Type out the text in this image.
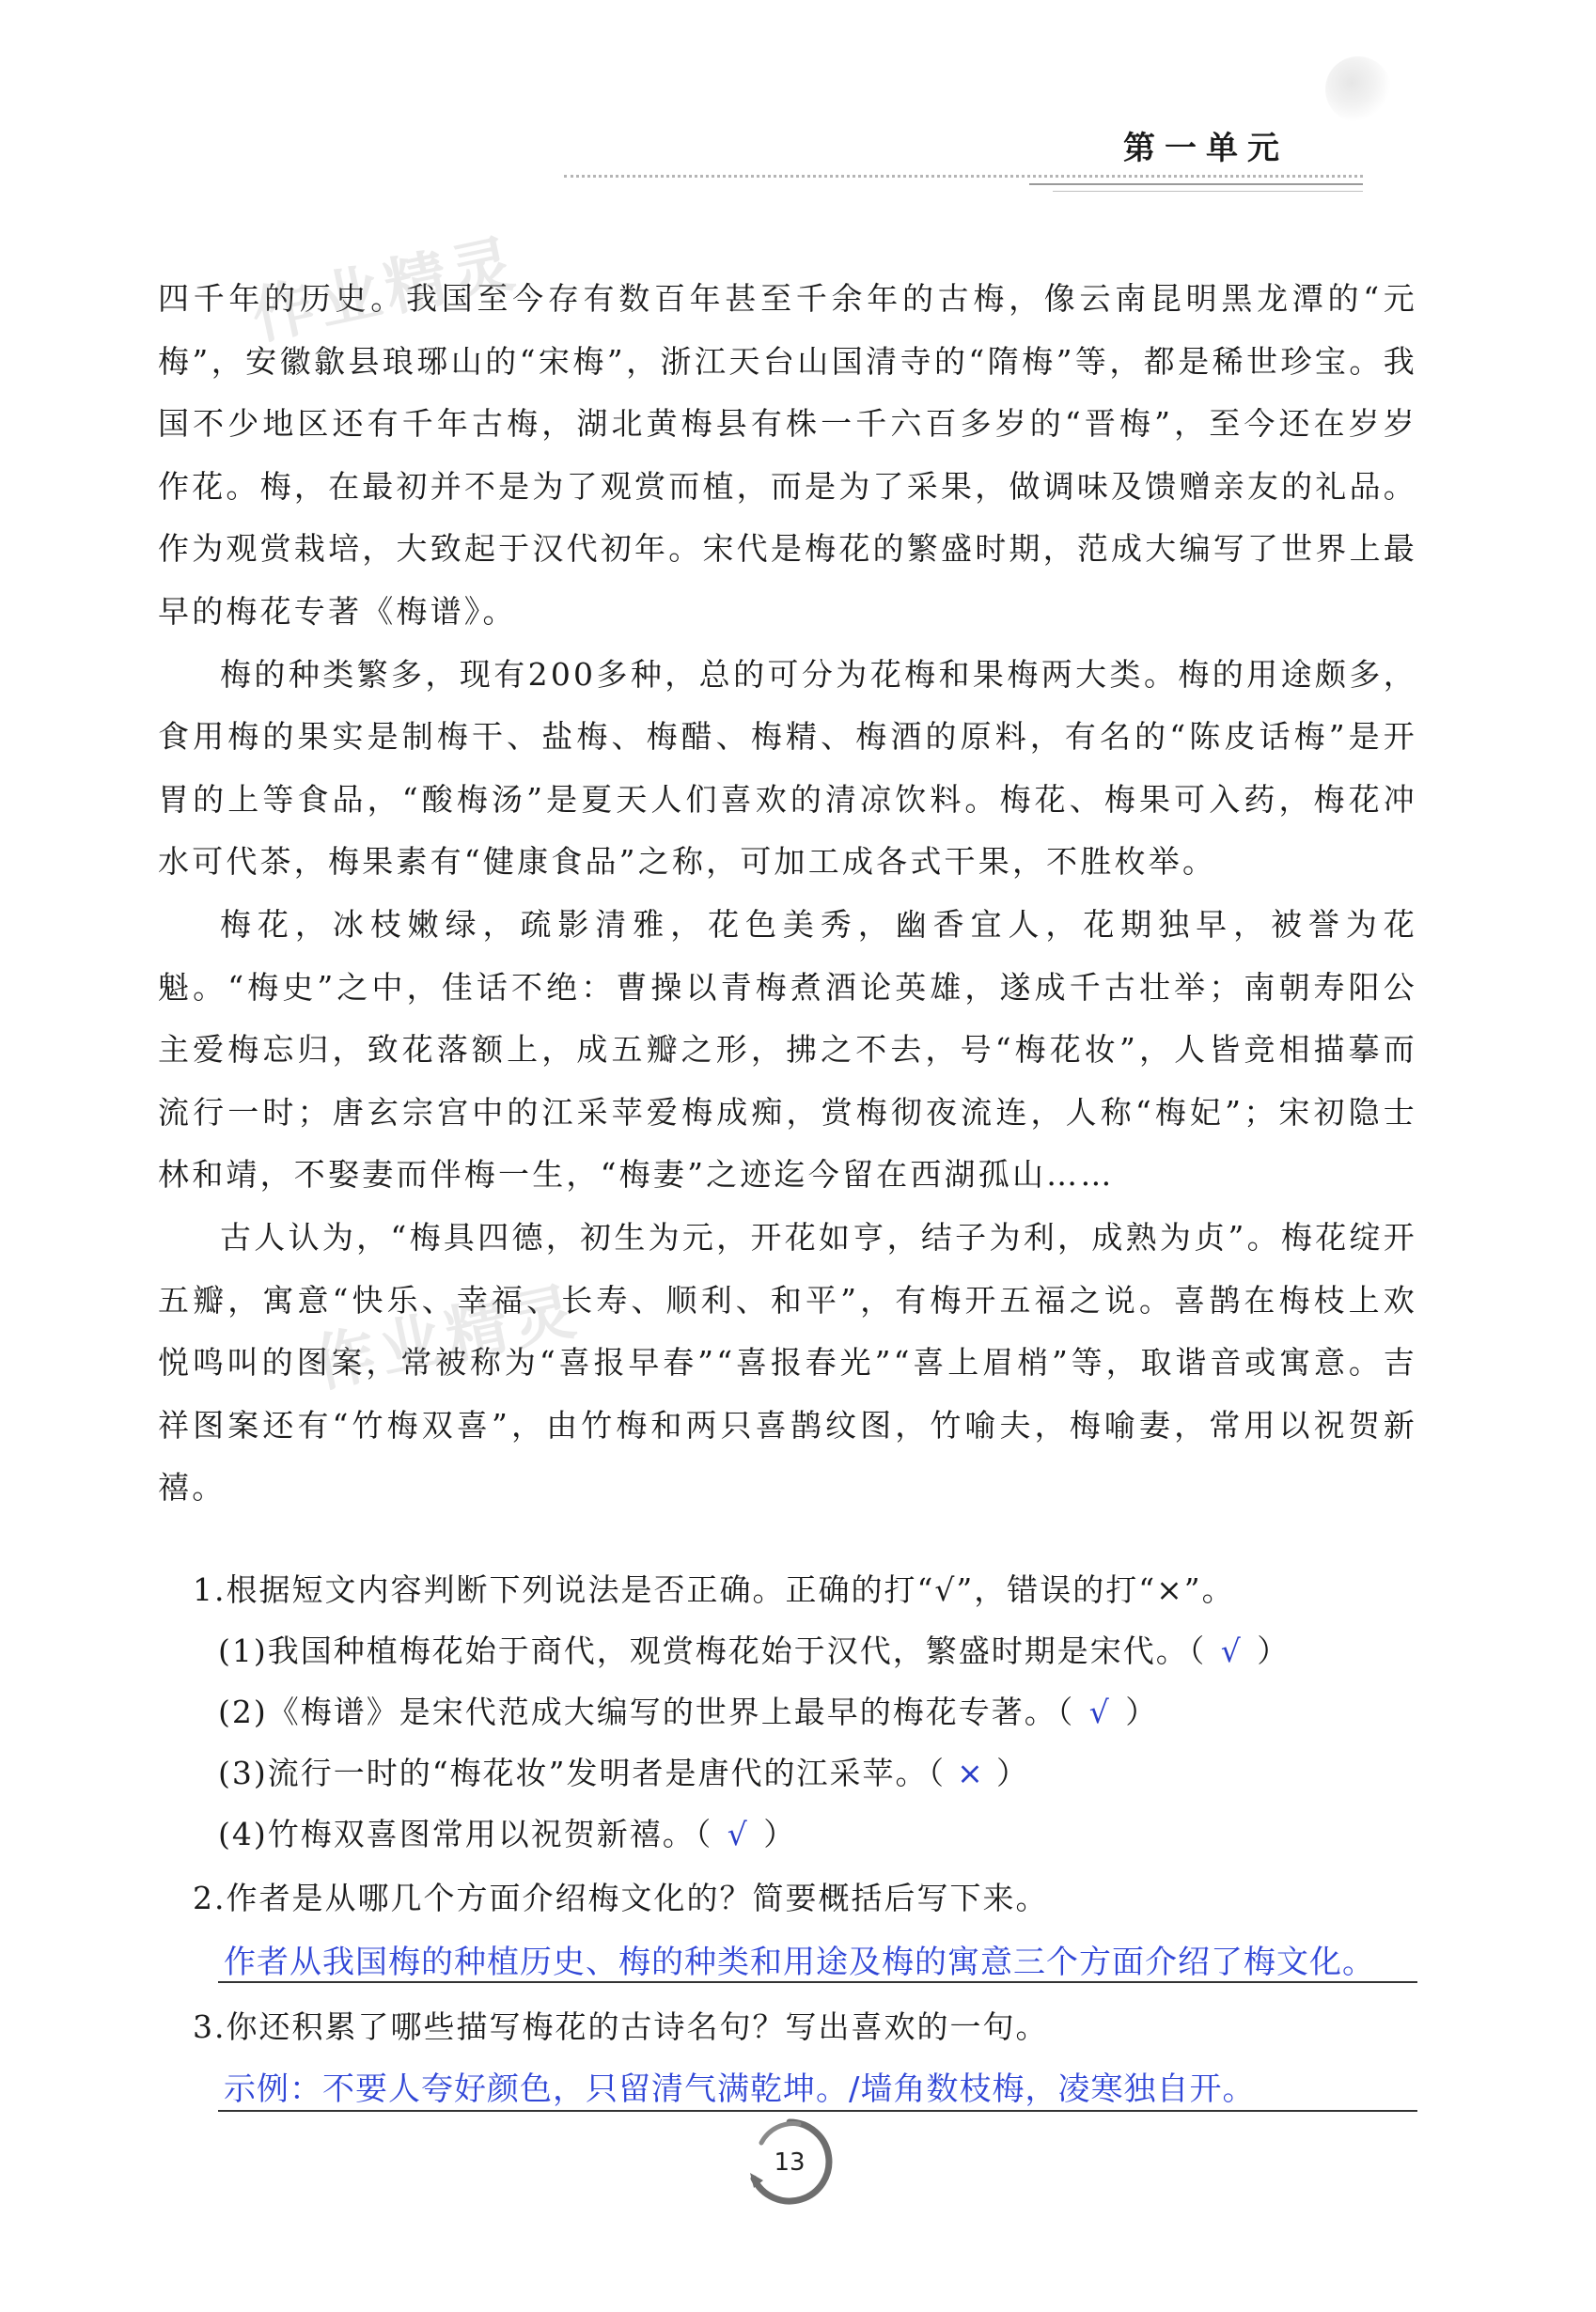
第一单元

四千年的历史。我国至今存有数百年甚至千余年的古梅，像云南昆明黑龙潭的“元梅”，安徽歙县琅琊山的“宋梅”，浙江天台山国清寺的“隋梅”等，都是稀世珍宝。我国不少地区还有千年古梅，湖北黄梅县有株一千六百多岁的“晋梅”，至今还在岁岁作花。梅，在最初并不是为了观赏而植，而是为了采果，做调味及馈赠亲友的礼品。作为观赏栽培，大致起于汉代初年。宋代是梅花的繁盛时期，范成大编写了世界上最早的梅花专著《梅谱》。

梅的种类繁多，现有200多种，总的可分为花梅和果梅两大类。梅的用途颇多，食用梅的果实是制梅干、盐梅、梅醋、梅精、梅酒的原料，有名的“陈皮话梅”是开胃的上等食品，“酸梅汤”是夏天人们喜欢的清凉饮料。梅花、梅果可入药，梅花冲水可代茶，梅果素有“健康食品”之称，可加工成各式干果，不胜枚举。

梅花，冰枝嫩绿，疏影清雅，花色美秀，幽香宜人，花期独早，被誉为花魁。“梅史”之中，佳话不绝：曹操以青梅煮酒论英雄，遂成千古壮举；南朝寿阳公主爱梅忘归，致花落额上，成五瓣之形，拂之不去，号“梅花妆”，人皆竞相描摹而流行一时；唐玄宗宫中的江采苹爱梅成痴，赏梅彻夜流连，人称“梅妃”；宋初隐士林和靖，不娶妻而伴梅一生，“梅妻”之迹迄今留在西湖孤山……

古人认为，“梅具四德，初生为元，开花如亨，结子为利，成熟为贞”。梅花绽开五瓣，寓意“快乐、幸福、长寿、顺利、和平”，有梅开五福之说。喜鹊在梅枝上欢悦鸣叫的图案，常被称为“喜报早春”“喜报春光”“喜上眉梢”等，取谐音或寓意。吉祥图案还有“竹梅双喜”，由竹梅和两只喜鹊纹图，竹喻夫，梅喻妻，常用以祝贺新禧。

作业精灵
作业精灵
1.根据短文内容判断下列说法是否正确。正确的打“√”，错误的打“×”。
(1)我国种植梅花始于商代，观赏梅花始于汉代，繁盛时期是宋代。（ √ ）
(2)《梅谱》是宋代范成大编写的世界上最早的梅花专著。（ √ ）
(3)流行一时的“梅花妆”发明者是唐代的江采苹。（ × ）
(4)竹梅双喜图常用以祝贺新禧。（ √ ）
2.作者是从哪几个方面介绍梅文化的？简要概括后写下来。
作者从我国梅的种植历史、梅的种类和用途及梅的寓意三个方面介绍了梅文化。
3.你还积累了哪些描写梅花的古诗名句？写出喜欢的一句。
示例：不要人夸好颜色，只留清气满乾坤。/墙角数枝梅，凌寒独自开。
13
